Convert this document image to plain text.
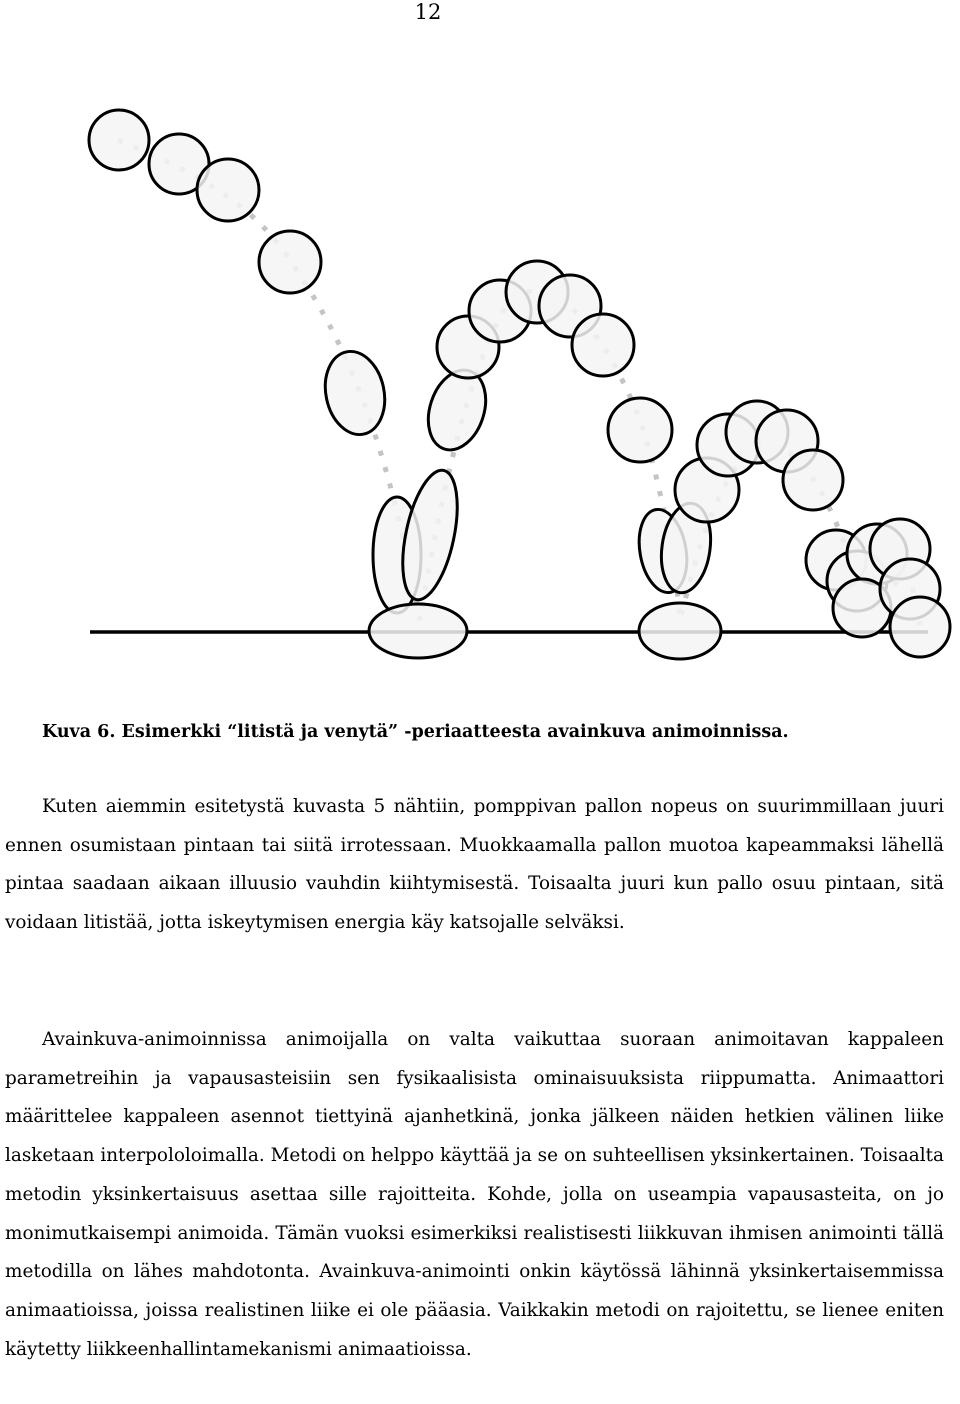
12
Kuva 6. Esimerkki “litistä ja venytä” -periaatteesta avainkuva animoinnissa.

Kuten aiemmin esitetystä kuvasta 5 nähtiin, pomppivan pallon nopeus on suurimmillaan juuri ennen osumistaan pintaan tai siitä irrotessaan. Muokkaamalla pallon muotoa kapeammaksi lähellä pintaa saadaan aikaan illuusio vauhdin kiihtymisestä. Toisaalta juuri kun pallo osuu pintaan, sitä voidaan litistää, jotta iskeytymisen energia käy katsojalle selväksi.

Avainkuva-animoinnissa animoijalla on valta vaikuttaa suoraan animoitavan kappaleen parametreihin ja vapausasteisiin sen fysikaalisista ominaisuuksista riippumatta. Animaattori määrittelee kappaleen asennot tiettyinä ajanhetkinä, jonka jälkeen näiden hetkien välinen liike lasketaan interpololoimalla. Metodi on helppo käyttää ja se on suhteellisen yksinkertainen. Toisaalta metodin yksinkertaisuus asettaa sille rajoitteita. Kohde, jolla on useampia vapausasteita, on jo monimutkaisempi animoida. Tämän vuoksi esimerkiksi realistisesti liikkuvan ihmisen animointi tällä metodilla on lähes mahdotonta. Avainkuva-animointi onkin käytössä lähinnä yksinkertaisemmissa animaatioissa, joissa realistinen liike ei ole pääasia. Vaikkakin metodi on rajoitettu, se lienee eniten käytetty liikkeenhallintamekanismi animaatioissa.
